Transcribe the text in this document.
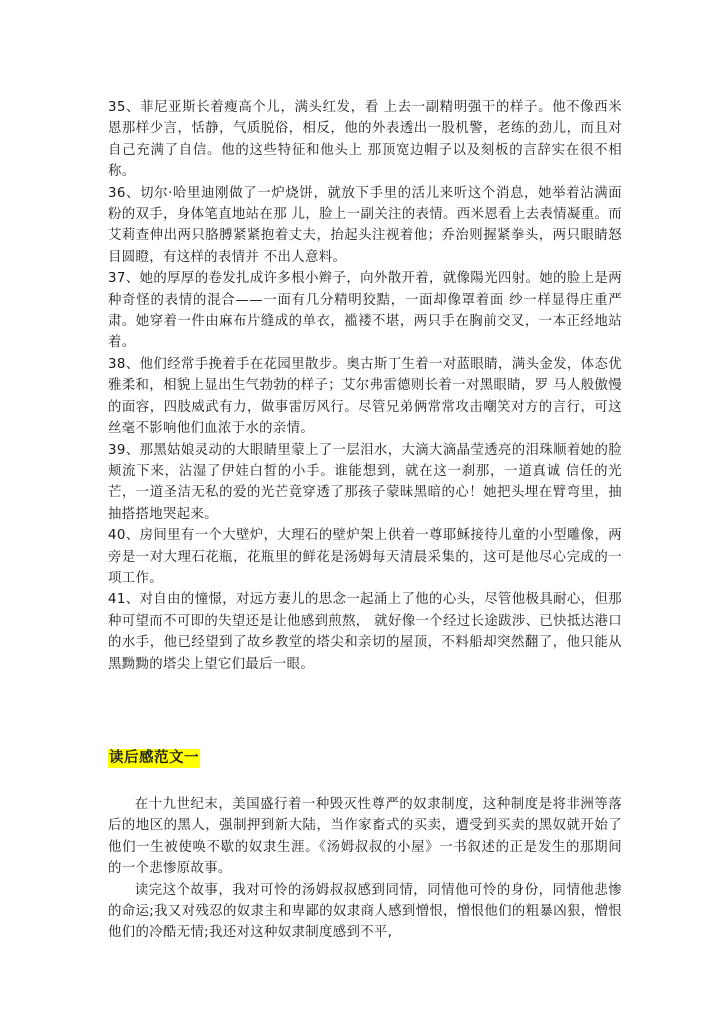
35、菲尼亚斯长着瘦高个儿，满头红发，看 上去一副精明强干的样子。他不像西米恩那样少言，恬静，气质脱俗，相反，他的外表透出一股机警，老练的劲儿，而且对自己充满了自信。他的这些特征和他头上 那顶宽边帽子以及刻板的言辞实在很不相称。

36、切尔·哈里迪刚做了一炉烧饼，就放下手里的活儿来听这个消息，她举着沾满面粉的双手，身体笔直地站在那 儿，脸上一副关注的表情。西米恩看上去表情凝重。而艾莉查伸出两只胳膊紧紧抱着丈夫，抬起头注视着他；乔治则握紧拳头，两只眼睛怒目圆瞪，有这样的表情并 不出人意料。

37、她的厚厚的卷发扎成许多根小辫子，向外散开着，就像陽光四射。她的脸上是两种奇怪的表情的混合——一面有几分精明狡黠，一面却像罩着面 纱一样显得庄重严肃。她穿着一件由麻布片缝成的单衣，褴褛不堪，两只手在胸前交叉，一本正经地站着。

38、他们经常手挽着手在花园里散步。奥古斯丁生着一对蓝眼睛，满头金发，体态优雅柔和，相貌上显出生气勃勃的样子；艾尔弗雷德则长着一对黑眼睛，罗 马人般傲慢的面容，四肢威武有力，做事雷厉风行。尽管兄弟俩常常攻击嘲笑对方的言行，可这丝毫不影响他们血浓于水的亲情。

39、那黑姑娘灵动的大眼睛里蒙上了一层泪水，大滴大滴晶莹透亮的泪珠顺着她的脸颊流下来，沾湿了伊娃白皙的小手。谁能想到，就在这一刹那，一道真诚 信任的光芒，一道圣洁无私的爱的光芒竟穿透了那孩子蒙昧黑暗的心！她把头埋在臂弯里，抽抽搭搭地哭起来。

40、房间里有一个大壁炉，大理石的壁炉架上供着一尊耶稣接待儿童的小型雕像，两 旁是一对大理石花瓶，花瓶里的鲜花是汤姆每天清晨采集的，这可是他尽心完成的一项工作。

41、对自由的憧憬，对远方妻儿的思念一起涌上了他的心头，尽管他极具耐心，但那种可望而不可即的失望还是让他感到煎熬， 就好像一个经过长途跋涉、已快抵达港口的水手，他已经望到了故乡教堂的塔尖和亲切的屋顶，不料船却突然翻了，他只能从黑黝黝的塔尖上望它们最后一眼。

读后感范文一

在十九世纪末，美国盛行着一种毁灭性尊严的奴隶制度，这种制度是将非洲等落后的地区的黑人，强制押到新大陆，当作家畜式的买卖，遭受到买卖的黑奴就开始了他们一生被使唤不歇的奴隶生涯。《汤姆叔叔的小屋》一书叙述的正是发生的那期间的一个悲惨原故事。

读完这个故事，我对可怜的汤姆叔叔感到同情，同情他可怜的身份，同情他悲惨的命运;我又对残忍的奴隶主和卑鄙的奴隶商人感到憎恨，憎恨他们的粗暴凶狠，憎恨他们的冷酷无情;我还对这种奴隶制度感到不平,
